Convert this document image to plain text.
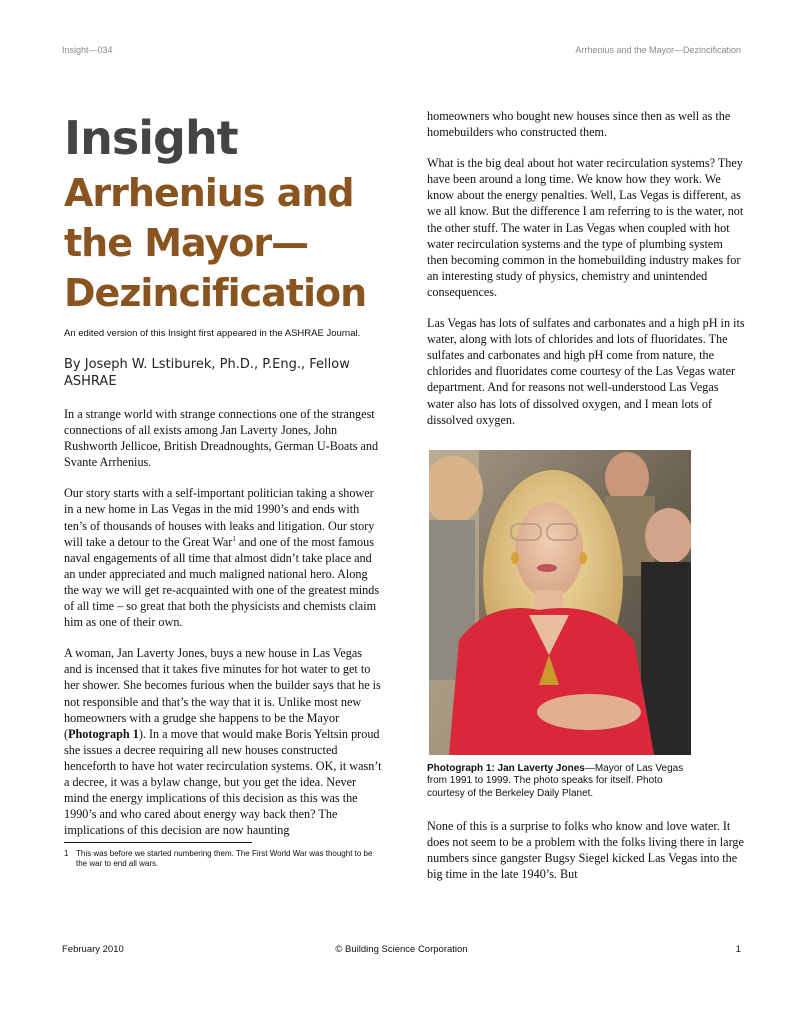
Insight—034	Arrhenius and the Mayor—Dezincification
Insight
Arrhenius and
the Mayor—
Dezincification

An edited version of this Insight first appeared in the ASHRAE Journal.

By Joseph W. Lstiburek, Ph.D., P.Eng., Fellow ASHRAE

In a strange world with strange connections one of the strangest connections of all exists among Jan Laverty Jones, John Rushworth Jellicoe, British Dreadnoughts, German U-Boats and Svante Arrhenius.

Our story starts with a self-important politician taking a shower in a new home in Las Vegas in the mid 1990’s and ends with ten’s of thousands of houses with leaks and litigation. Our story will take a detour to the Great War$^1$ and one of the most famous naval engagements of all time that almost didn’t take place and an under appreciated and much maligned national hero. Along the way we will get re-acquainted with one of the greatest minds of all time – so great that both the physicists and chemists claim him as one of their own.

A woman, Jan Laverty Jones, buys a new house in Las Vegas and is incensed that it takes five minutes for hot water to get to her shower. She becomes furious when the builder says that he is not responsible and that’s the way that it is. Unlike most new homeowners with a grudge she happens to be the Mayor (Photograph 1). In a move that would make Boris Yeltsin proud she issues a decree requiring all new houses constructed henceforth to have hot water recirculation systems. OK, it wasn’t a decree, it was a bylaw change, but you get the idea. Never mind the energy implications of this decision as this was the 1990’s and who cared about energy way back then? The implications of this decision are now haunting

1 This was before we started numbering them. The First World War was thought to be the war to end all wars.

homeowners who bought new houses since then as well as the homebuilders who constructed them.

What is the big deal about hot water recirculation systems? They have been around a long time. We know how they work. We know about the energy penalties. Well, Las Vegas is different, as we all know. But the difference I am referring to is the water, not the other stuff. The water in Las Vegas when coupled with hot water recirculation systems and the type of plumbing system then becoming common in the homebuilding industry makes for an interesting study of physics, chemistry and unintended consequences.

Las Vegas has lots of sulfates and carbonates and a high pH in its water, along with lots of chlorides and lots of fluoridates. The sulfates and carbonates and high pH come from nature, the chlorides and fluoridates come courtesy of the Las Vegas water department. And for reasons not well-understood Las Vegas water also has lots of dissolved oxygen, and I mean lots of dissolved oxygen.

Photograph 1: Jan Laverty Jones—Mayor of Las Vegas from 1991 to 1999. The photo speaks for itself. Photo courtesy of the Berkeley Daily Planet.

None of this is a surprise to folks who know and love water. It does not seem to be a problem with the folks living there in large numbers since gangster Bugsy Siegel kicked Las Vegas into the big time in the late 1940’s. But

February 2010	© Building Science Corporation	1
